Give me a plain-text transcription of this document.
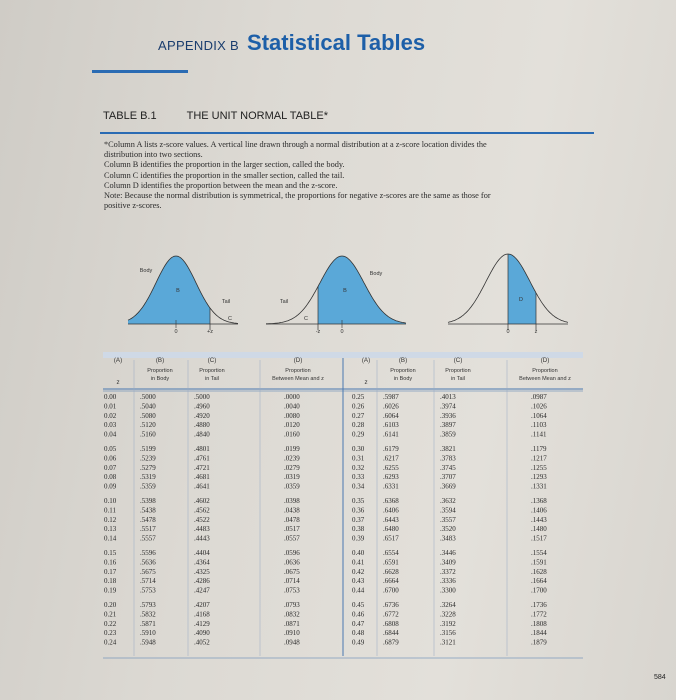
APPENDIX B Statistical Tables
TABLE B.1	THE UNIT NORMAL TABLE*
*Column A lists z-score values. A vertical line drawn through a normal distribution at a z-score location divides the
distribution into two sections.
Column B identifies the proportion in the larger section, called the body.
Column C identifies the proportion in the smaller section, called the tail.
Column D identifies the proportion between the mean and the z-score.
Note: Because the normal distribution is symmetrical, the proportions for negative z-scores are the same as those for
positive z-scores.
Body
B
Tail
C
0	+z
Tail
C
Body
B
-z	0
D
0	z
(A)
z
(B)
Proportion
in Body
(C)
Proportion
in Tail
(D)
Proportion
Between Mean and z
0.00	.5000	.5000	.0000
0.01	.5040	.4960	.0040
0.02	.5080	.4920	.0080
0.03	.5120	.4880	.0120
0.04	.5160	.4840	.0160
0.05	.5199	.4801	.0199
0.06	.5239	.4761	.0239
0.07	.5279	.4721	.0279
0.08	.5319	.4681	.0319
0.09	.5359	.4641	.0359
0.10	.5398	.4602	.0398
0.11	.5438	.4562	.0438
0.12	.5478	.4522	.0478
0.13	.5517	.4483	.0517
0.14	.5557	.4443	.0557
0.15	.5596	.4404	.0596
0.16	.5636	.4364	.0636
0.17	.5675	.4325	.0675
0.18	.5714	.4286	.0714
0.19	.5753	.4247	.0753
0.20	.5793	.4207	.0793
0.21	.5832	.4168	.0832
0.22	.5871	.4129	.0871
0.23	.5910	.4090	.0910
0.24	.5948	.4052	.0948
(A)
z
(B)
Proportion
in Body
(C)
Proportion
in Tail
(D)
Proportion
Between Mean and z
0.25	.5987	.4013	.0987
0.26	.6026	.3974	.1026
0.27	.6064	.3936	.1064
0.28	.6103	.3897	.1103
0.29	.6141	.3859	.1141
0.30	.6179	.3821	.1179
0.31	.6217	.3783	.1217
0.32	.6255	.3745	.1255
0.33	.6293	.3707	.1293
0.34	.6331	.3669	.1331
0.35	.6368	.3632	.1368
0.36	.6406	.3594	.1406
0.37	.6443	.3557	.1443
0.38	.6480	.3520	.1480
0.39	.6517	.3483	.1517
0.40	.6554	.3446	.1554
0.41	.6591	.3409	.1591
0.42	.6628	.3372	.1628
0.43	.6664	.3336	.1664
0.44	.6700	.3300	.1700
0.45	.6736	.3264	.1736
0.46	.6772	.3228	.1772
0.47	.6808	.3192	.1808
0.48	.6844	.3156	.1844
0.49	.6879	.3121	.1879
584
